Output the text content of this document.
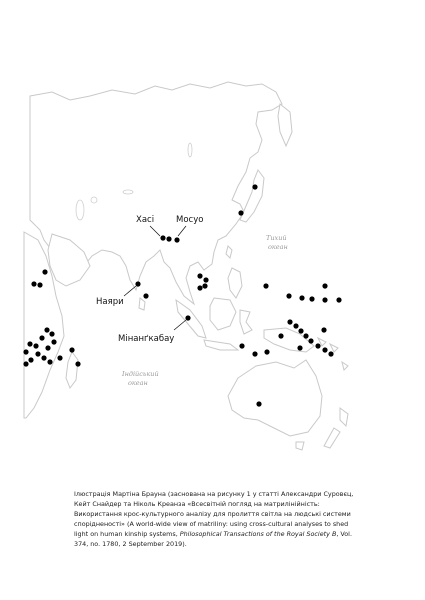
Тихий
океан
Індійський
океан
Хасі	Мосуо
Наяри
Мінанґкабау
Ілюстрація Мартіна Брауна (заснована на рисунку 1 у статті Александри Суровєц, Кейт Снайдер та Ніколь Креанза «Всесвітній погляд на матрилінійність: Використання крос-культурного аналізу для пролиття світла на людські системи спорідненості» (A world-wide view of matriliny: using cross-cultural analyses to shed light on human kinship systems, Philosophical Transactions of the Royal Society B, Vol. 374, no. 1780, 2 September 2019).
